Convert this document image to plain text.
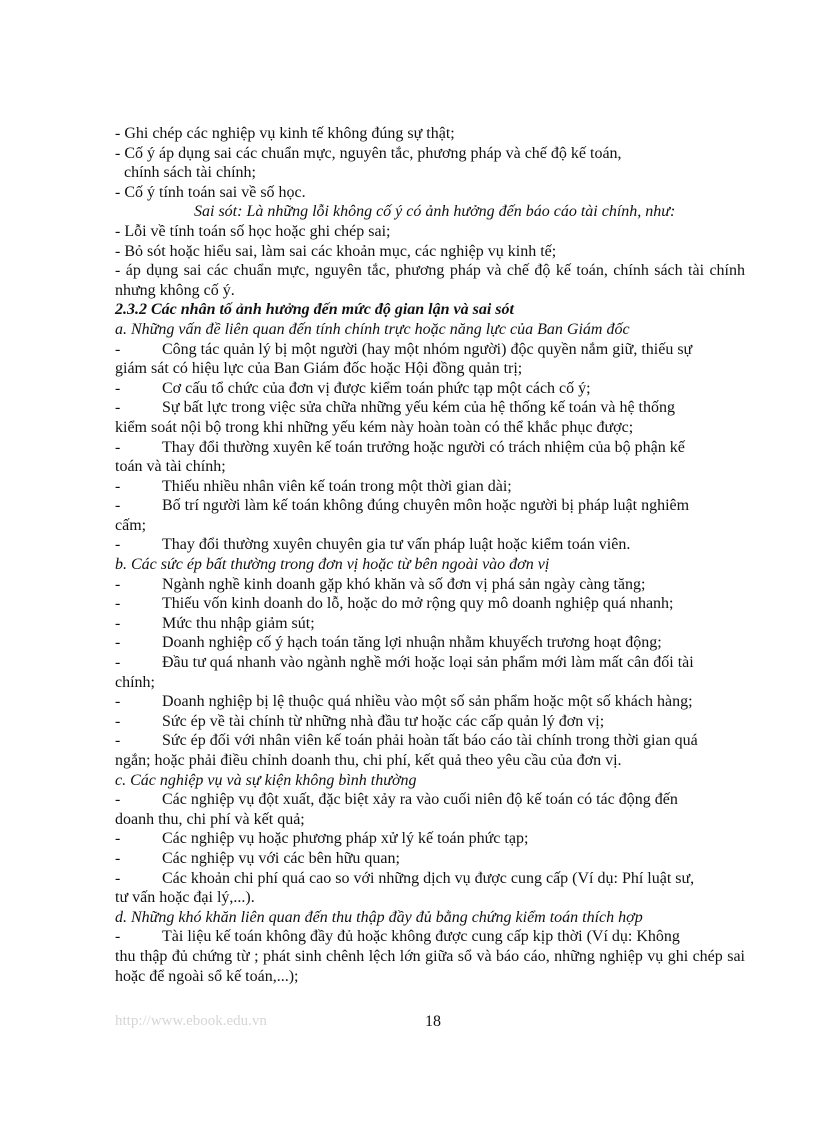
- Ghi chép các nghiệp vụ kinh tế không đúng sự thật;
- Cố ý áp dụng sai các chuẩn mực, nguyên tắc, phương pháp và chế độ kế toán,
chính sách tài chính;
- Cố ý tính toán sai về số học.
Sai sót: Là những lỗi không cố ý có ảnh hưởng đến báo cáo tài chính, như:
- Lỗi về tính toán số học hoặc ghi chép sai;
- Bỏ sót hoặc hiểu sai, làm sai các khoản mục, các nghiệp vụ kinh tế;
- áp dụng sai các chuẩn mực, nguyên tắc, phương pháp và chế độ kế toán, chính sách tài chính nhưng không cố ý.
2.3.2 Các nhân tố ảnh hưởng đến mức độ gian lận và sai sót
a. Những vấn đề liên quan đến tính chính trực hoặc năng lực của Ban Giám đốc
-	Công tác quản lý bị một người (hay một nhóm người) độc quyền nắm giữ, thiếu sự
giám sát có hiệu lực của Ban Giám đốc hoặc Hội đồng quản trị;
-	Cơ cấu tổ chức của đơn vị được kiểm toán phức tạp một cách cố ý;
-	Sự bất lực trong việc sửa chữa những yếu kém của hệ thống kế toán và hệ thống
kiểm soát nội bộ trong khi những yếu kém này hoàn toàn có thể khắc phục được;
-	Thay đổi thường xuyên kế toán trưởng hoặc người có trách nhiệm của bộ phận kế
toán và tài chính;
-	Thiếu nhiều nhân viên kế toán trong một thời gian dài;
-	Bố trí người làm kế toán không đúng chuyên môn hoặc người bị pháp luật nghiêm
cấm;
-	Thay đổi thường xuyên chuyên gia tư vấn pháp luật hoặc kiểm toán viên.
b. Các sức ép bất thường trong đơn vị hoặc từ bên ngoài vào đơn vị
-	Ngành nghề kinh doanh gặp khó khăn và số đơn vị phá sản ngày càng tăng;
-	Thiếu vốn kinh doanh do lỗ, hoặc do mở rộng quy mô doanh nghiệp quá nhanh;
-	Mức thu nhập giảm sút;
-	Doanh nghiệp cố ý hạch toán tăng lợi nhuận nhằm khuyếch trương hoạt động;
-	Đầu tư quá nhanh vào ngành nghề mới hoặc loại sản phẩm mới làm mất cân đối tài
chính;
-	Doanh nghiệp bị lệ thuộc quá nhiều vào một số sản phẩm hoặc một số khách hàng;
-	Sức ép về tài chính từ những nhà đầu tư hoặc các cấp quản lý đơn vị;
-	Sức ép đối với nhân viên kế toán phải hoàn tất báo cáo tài chính trong thời gian quá
ngắn; hoặc phải điều chỉnh doanh thu, chi phí, kết quả theo yêu cầu của đơn vị.
c. Các nghiệp vụ và sự kiện không bình thường
-	Các nghiệp vụ đột xuất, đặc biệt xảy ra vào cuối niên độ kế toán có tác động đến
doanh thu, chi phí và kết quả;
-	Các nghiệp vụ hoặc phương pháp xử lý kế toán phức tạp;
-	Các nghiệp vụ với các bên hữu quan;
-	Các khoản chi phí quá cao so với những dịch vụ được cung cấp (Ví dụ: Phí luật sư,
tư vấn hoặc đại lý,...).
d. Những khó khăn liên quan đến thu thập đầy đủ bằng chứng kiểm toán thích hợp
-	Tài liệu kế toán không đầy đủ hoặc không được cung cấp kịp thời (Ví dụ: Không
thu thập đủ chứng từ ; phát sinh chênh lệch lớn giữa sổ và báo cáo, những nghiệp vụ ghi chép sai hoặc để ngoài sổ kế toán,...);
http://www.ebook.edu.vn	18
